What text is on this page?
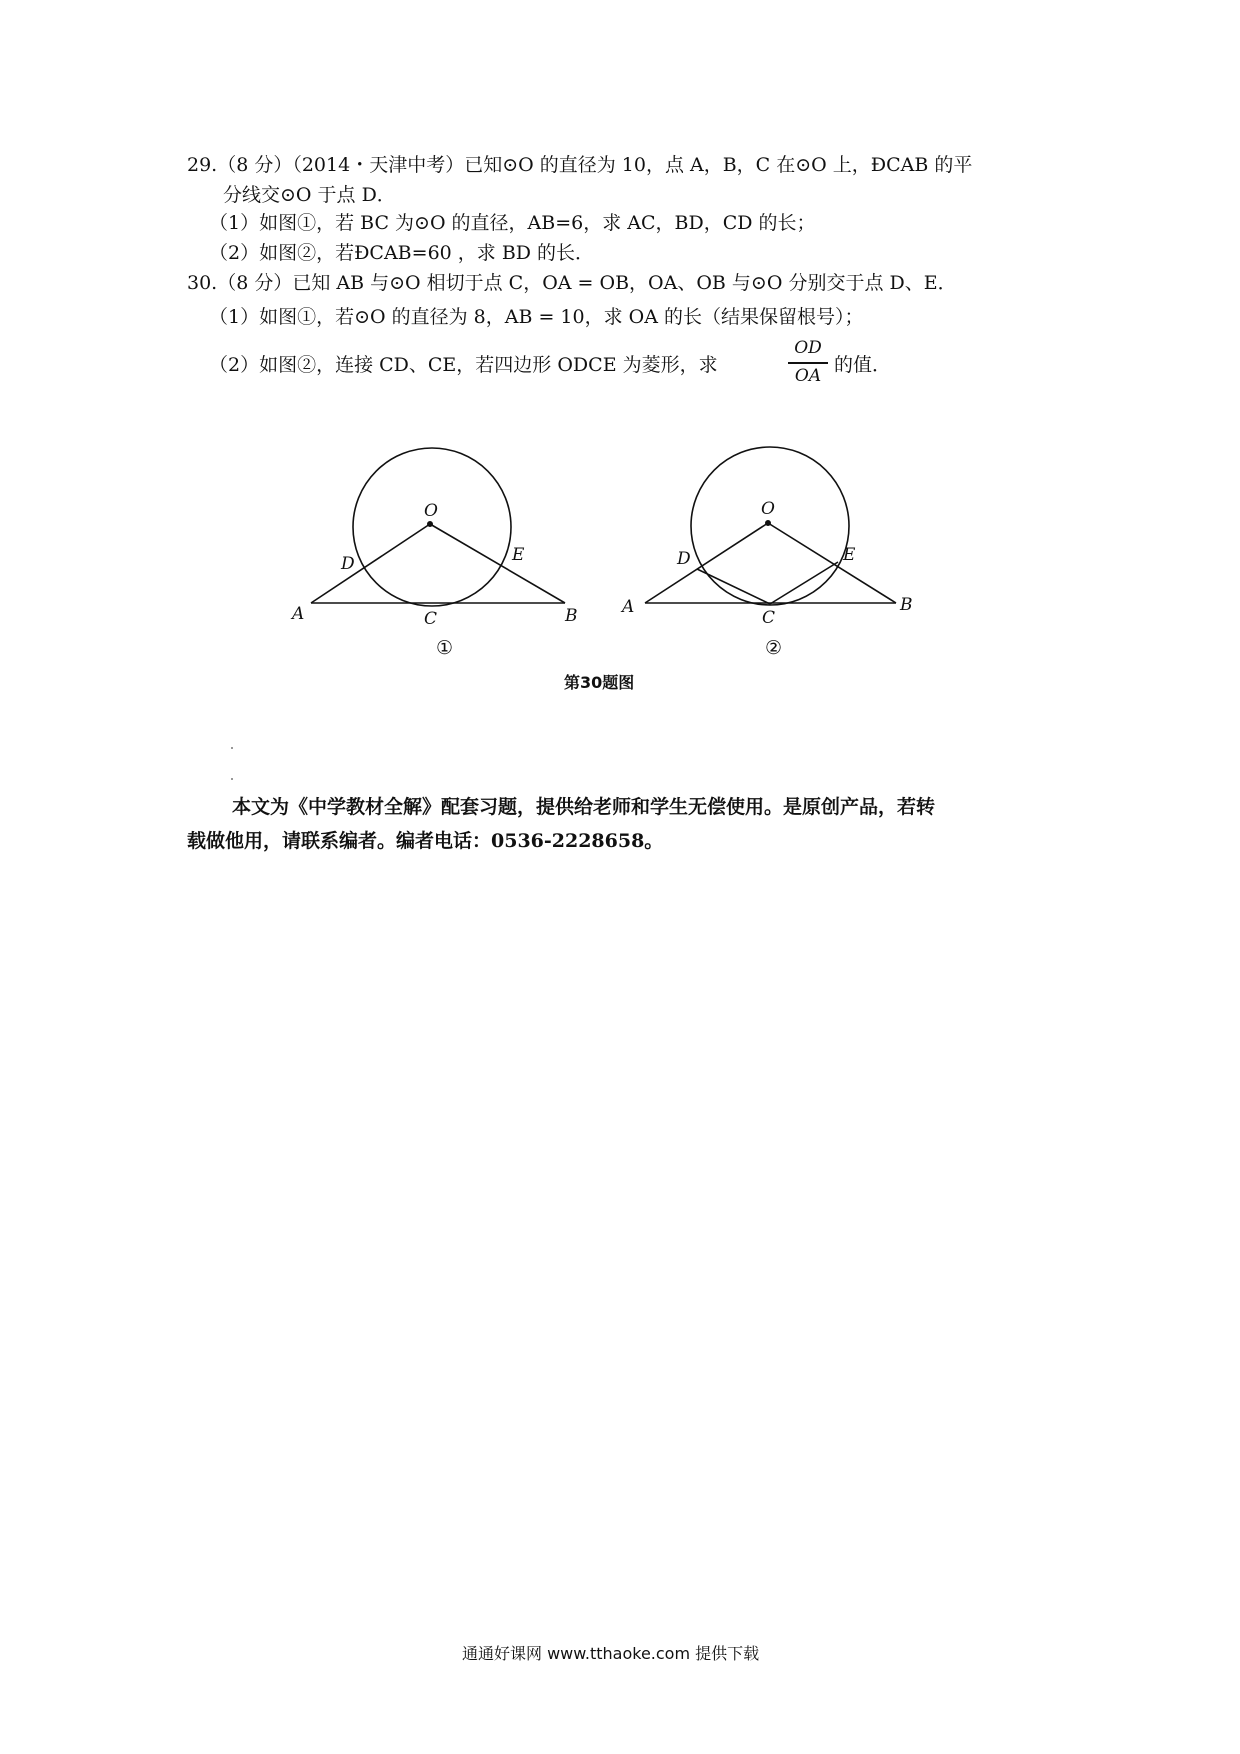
29.（8 分）（2014・天津中考）已知⊙O 的直径为 10，点 A，B，C 在⊙O 上，ÐCAB 的平
分线交⊙O 于点 D．
（1）如图①，若 BC 为⊙O 的直径，AB=6，求 AC，BD，CD 的长；
（2）如图②，若ÐCAB=60 ，求 BD 的长．
30.（8 分）已知 AB 与⊙O 相切于点 C，OA = OB，OA、OB 与⊙O 分别交于点 D、E．
（1）如图①，若⊙O 的直径为 8，AB = 10，求 OA 的长（结果保留根号）；
（2）如图②，连接 CD、CE，若四边形 ODCE 为菱形，求
OD
OA 的值．
O
D	E
A	C	B
①
O
D	E
A
C
B
②
第30题图
本文为《中学教材全解》配套习题，提供给老师和学生无偿使用。是原创产品，若转
载做他用，请联系编者。编者电话：0536-2228658。
通通好课网 www.tthaoke.com 提供下载
